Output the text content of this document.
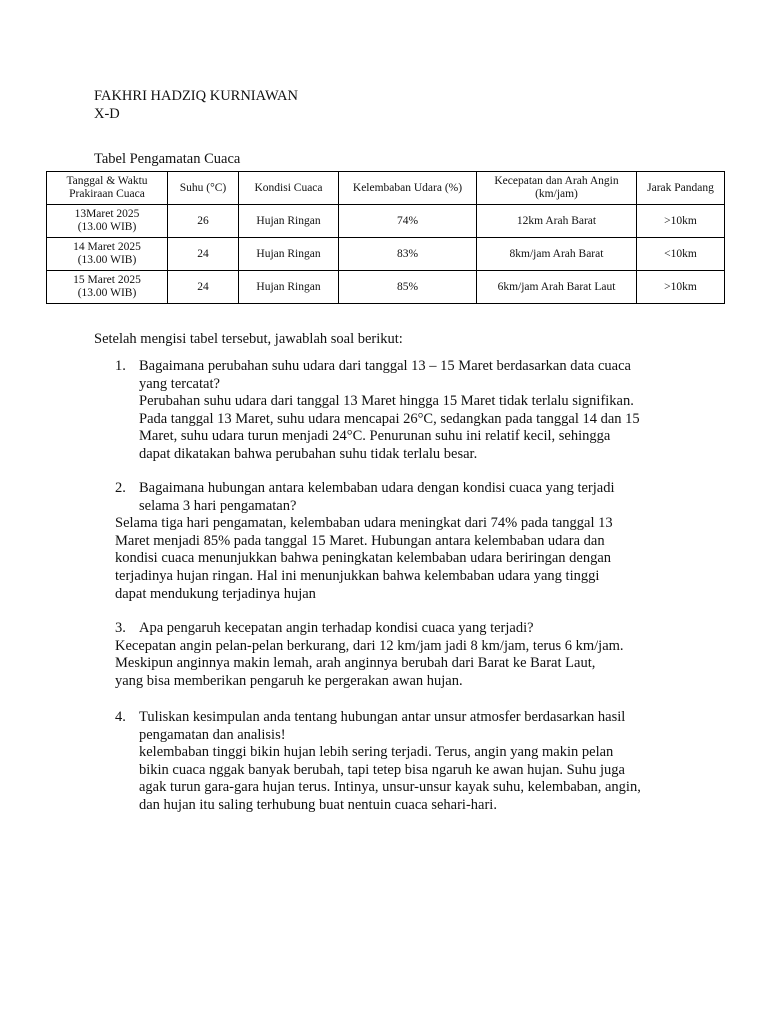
FAKHRI HADZIQ KURNIAWAN
X-D
Tabel Pengamatan Cuaca
Tanggal & Waktu
Prakiraan Cuaca	Suhu (°C)	Kondisi Cuaca	Kelembaban Udara (%)	Kecepatan dan Arah Angin
(km/jam)	Jarak Pandang
13Maret 2025
(13.00 WIB)	26	Hujan Ringan	74%	12km Arah Barat	>10km
14 Maret 2025
(13.00 WIB)	24	Hujan Ringan	83%	8km/jam Arah Barat	<10km
15 Maret 2025
(13.00 WIB)	24	Hujan Ringan	85%	6km/jam Arah Barat Laut	>10km
Setelah mengisi tabel tersebut, jawablah soal berikut:
1. Bagaimana perubahan suhu udara dari tanggal 13 – 15 Maret berdasarkan data cuaca
yang tercatat?
Perubahan suhu udara dari tanggal 13 Maret hingga 15 Maret tidak terlalu signifikan.
Pada tanggal 13 Maret, suhu udara mencapai 26°C, sedangkan pada tanggal 14 dan 15
Maret, suhu udara turun menjadi 24°C. Penurunan suhu ini relatif kecil, sehingga
dapat dikatakan bahwa perubahan suhu tidak terlalu besar.
2. Bagaimana hubungan antara kelembaban udara dengan kondisi cuaca yang terjadi
selama 3 hari pengamatan?
Selama tiga hari pengamatan, kelembaban udara meningkat dari 74% pada tanggal 13
Maret menjadi 85% pada tanggal 15 Maret. Hubungan antara kelembaban udara dan
kondisi cuaca menunjukkan bahwa peningkatan kelembaban udara beriringan dengan
terjadinya hujan ringan. Hal ini menunjukkan bahwa kelembaban udara yang tinggi
dapat mendukung terjadinya hujan
3. Apa pengaruh kecepatan angin terhadap kondisi cuaca yang terjadi?
Kecepatan angin pelan-pelan berkurang, dari 12 km/jam jadi 8 km/jam, terus 6 km/jam.
Meskipun anginnya makin lemah, arah anginnya berubah dari Barat ke Barat Laut,
yang bisa memberikan pengaruh ke pergerakan awan hujan.
4. Tuliskan kesimpulan anda tentang hubungan antar unsur atmosfer berdasarkan hasil
pengamatan dan analisis!
kelembaban tinggi bikin hujan lebih sering terjadi. Terus, angin yang makin pelan
bikin cuaca nggak banyak berubah, tapi tetep bisa ngaruh ke awan hujan. Suhu juga
agak turun gara-gara hujan terus. Intinya, unsur-unsur kayak suhu, kelembaban, angin,
dan hujan itu saling terhubung buat nentuin cuaca sehari-hari.
